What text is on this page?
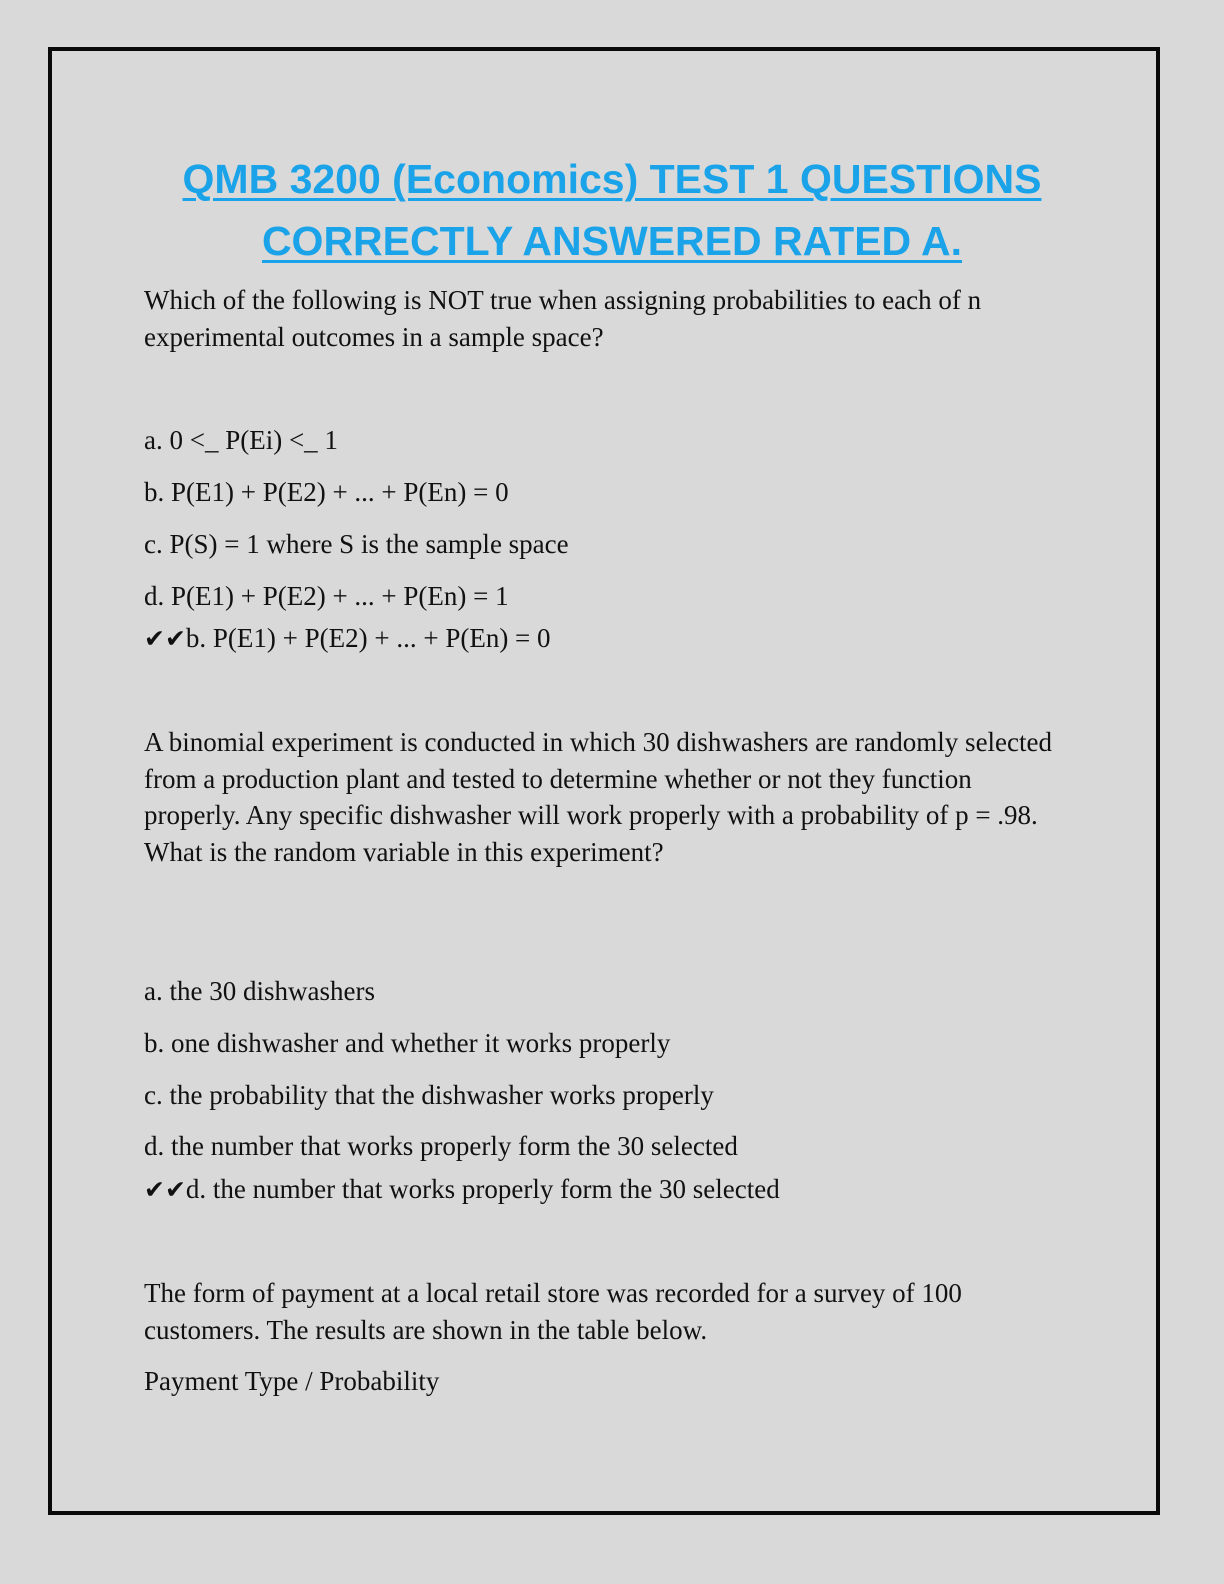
QMB 3200 (Economics) TEST 1 QUESTIONS
CORRECTLY ANSWERED RATED A.

Which of the following is NOT true when assigning probabilities to each of n experimental outcomes in a sample space?

a. 0 <_ P(Ei) <_ 1
b. P(E1) + P(E2) + ... + P(En) = 0
c. P(S) = 1 where S is the sample space
d. P(E1) + P(E2) + ... + P(En) = 1
✔✔b. P(E1) + P(E2) + ... + P(En) = 0

A binomial experiment is conducted in which 30 dishwashers are randomly selected from a production plant and tested to determine whether or not they function properly. Any specific dishwasher will work properly with a probability of p = .98. What is the random variable in this experiment?

a. the 30 dishwashers
b. one dishwasher and whether it works properly
c. the probability that the dishwasher works properly
d. the number that works properly form the 30 selected
✔✔d. the number that works properly form the 30 selected

The form of payment at a local retail store was recorded for a survey of 100 customers. The results are shown in the table below.

Payment Type / Probability
